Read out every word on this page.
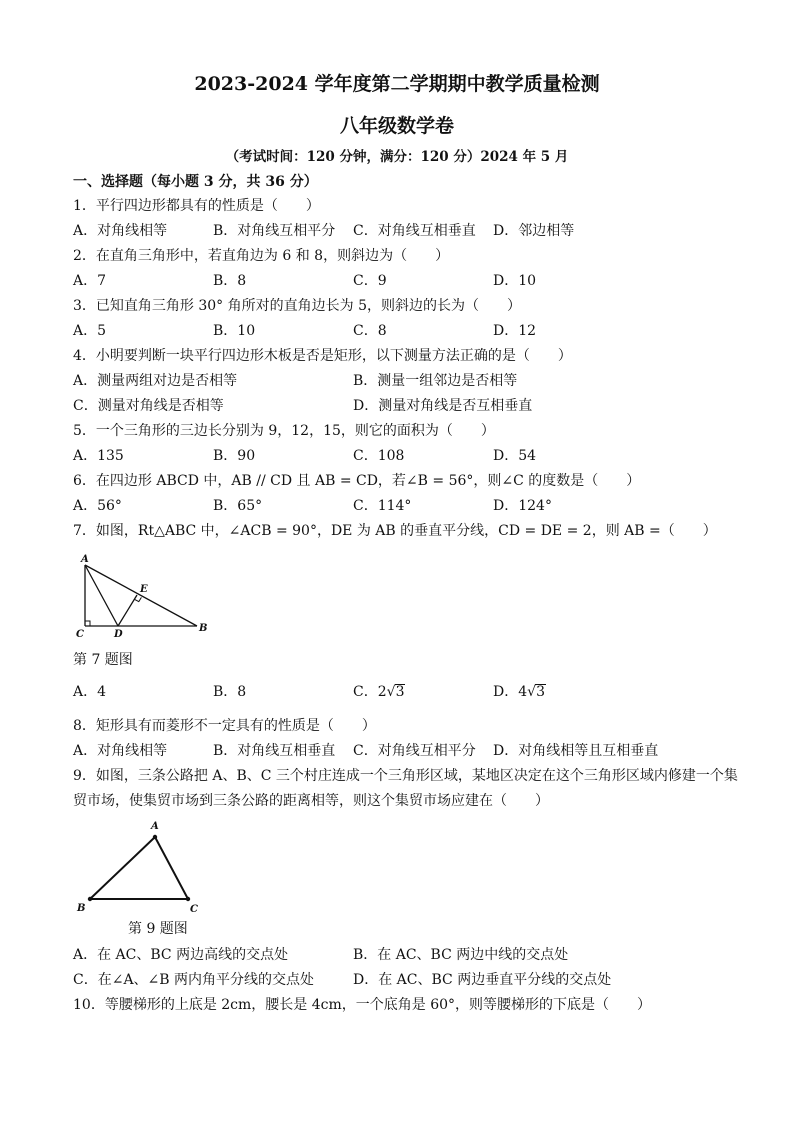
2023-2024 学年度第二学期期中教学质量检测
八年级数学卷
（考试时间：120 分钟，满分：120 分）2024 年 5 月
一、选择题（每小题 3 分，共 36 分）
1．平行四边形都具有的性质是（　　）
A．对角线相等	B．对角线互相平分	C．对角线互相垂直	D．邻边相等
2．在直角三角形中，若直角边为 6 和 8，则斜边为（　　）
A．7	B．8	C．9	D．10
3．已知直角三角形 30° 角所对的直角边长为 5，则斜边的长为（　　）
A．5	B．10	C．8	D．12
4．小明要判断一块平行四边形木板是否是矩形，以下测量方法正确的是（　　）
A．测量两组对边是否相等	B．测量一组邻边是否相等
C．测量对角线是否相等	D．测量对角线是否互相垂直
5．一个三角形的三边长分别为 9，12，15，则它的面积为（　　）
A．135	B．90	C．108	D．54
6．在四边形 ABCD 中，AB // CD 且 AB = CD，若∠B = 56°，则∠C 的度数是（　　）
A．56°	B．65°	C．114°	D．124°
7．如图，Rt△ABC 中，∠ACB = 90°，DE 为 AB 的垂直平分线，CD = DE = 2，则 AB =（　　）
A
E
C	D
B
第 7 题图
A．4	B．8	C．2√3	D．4√3
8．矩形具有而菱形不一定具有的性质是（　　）
A．对角线相等	B．对角线互相垂直	C．对角线互相平分	D．对角线相等且互相垂直
9．如图，三条公路把 A、B、C 三个村庄连成一个三角形区域，某地区决定在这个三角形区域内修建一个集
贸市场，使集贸市场到三条公路的距离相等，则这个集贸市场应建在（　　）
A
B	C
第 9 题图
A．在 AC、BC 两边高线的交点处	B．在 AC、BC 两边中线的交点处
C．在∠A、∠B 两内角平分线的交点处	D．在 AC、BC 两边垂直平分线的交点处
10．等腰梯形的上底是 2cm，腰长是 4cm，一个底角是 60°，则等腰梯形的下底是（　　）
